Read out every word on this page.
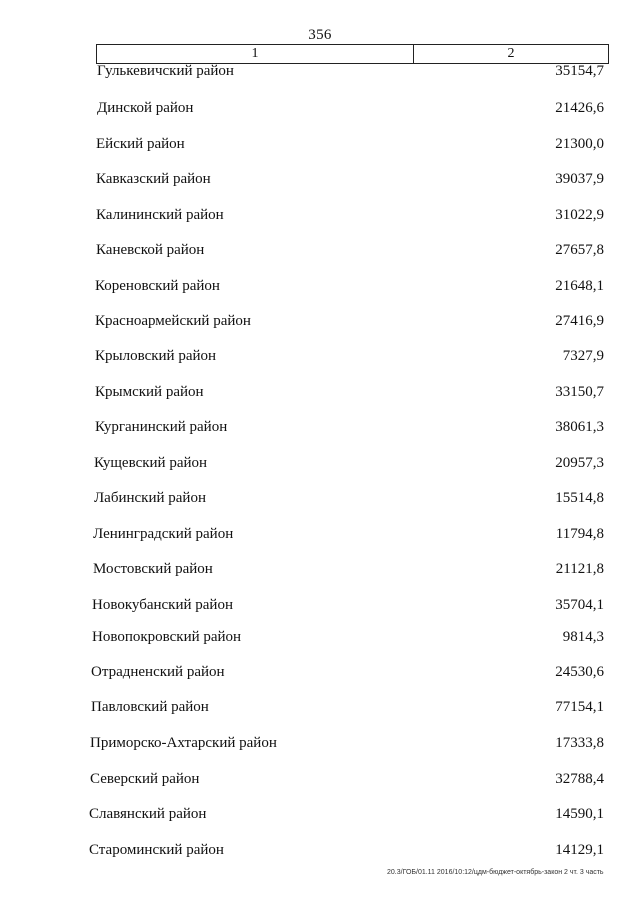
356
1	2
Гулькевичский район	35154,7
Динской район	21426,6
Ейский район	21300,0
Кавказский район	39037,9
Калининский район	31022,9
Каневской район	27657,8
Кореновский район	21648,1
Красноармейский район	27416,9
Крыловский район	7327,9
Крымский район	33150,7
Курганинский район	38061,3
Кущевский район	20957,3
Лабинский район	15514,8
Ленинградский район	11794,8
Мостовский район	21121,8
Новокубанский район	35704,1
Новопокровский район	9814,3
Отрадненский район	24530,6
Павловский район	77154,1
Приморско-Ахтарский район	17333,8
Северский район	32788,4
Славянский район	14590,1
Староминский район	14129,1
20.3/ГОБ/01.11 2016/10:12/цдм-бюджет-октябрь-закон 2 чт. 3 часть
